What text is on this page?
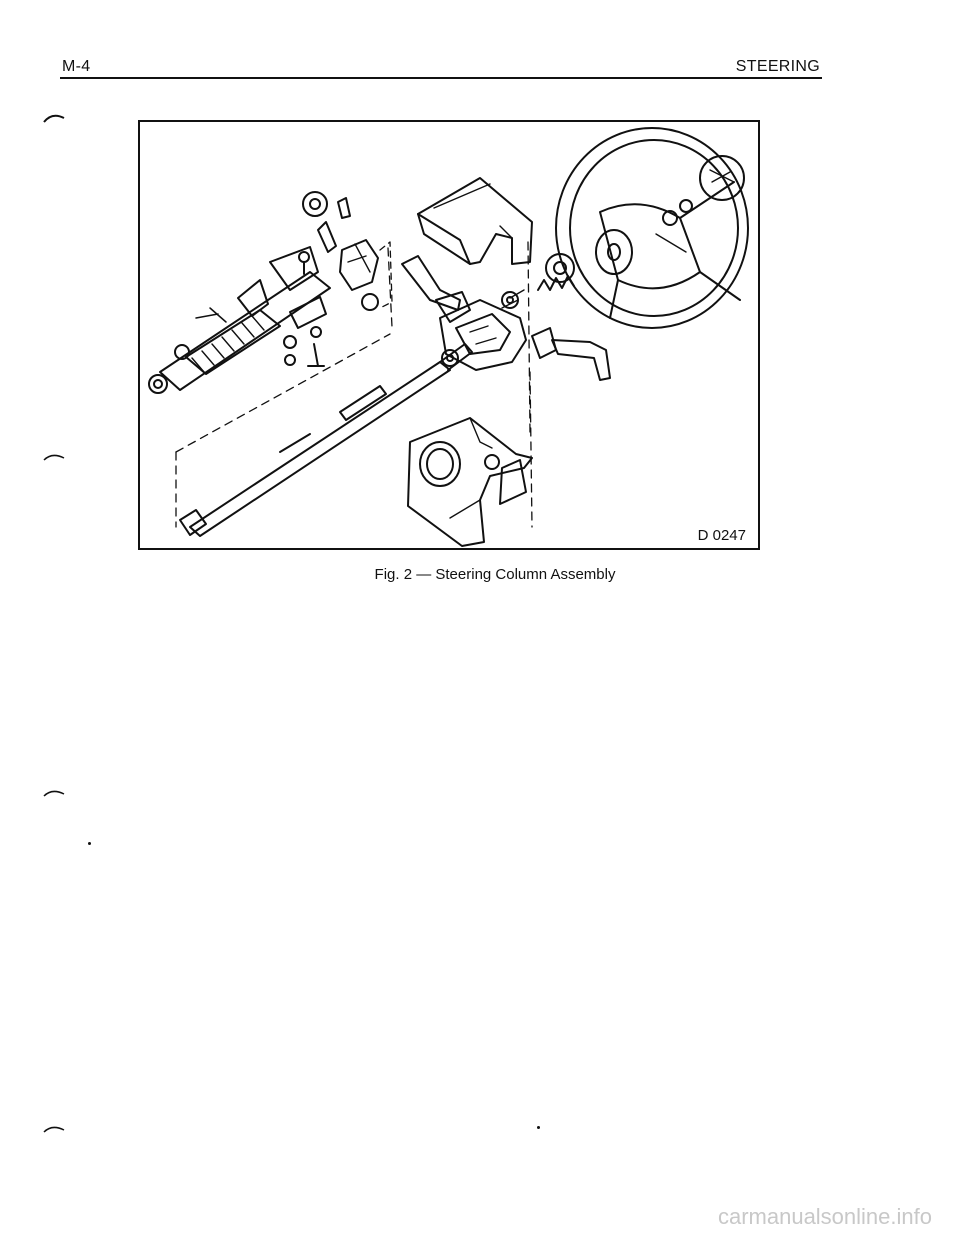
M-4	STEERING
D 0247
Fig. 2 — Steering Column Assembly
carmanualsonline.info
